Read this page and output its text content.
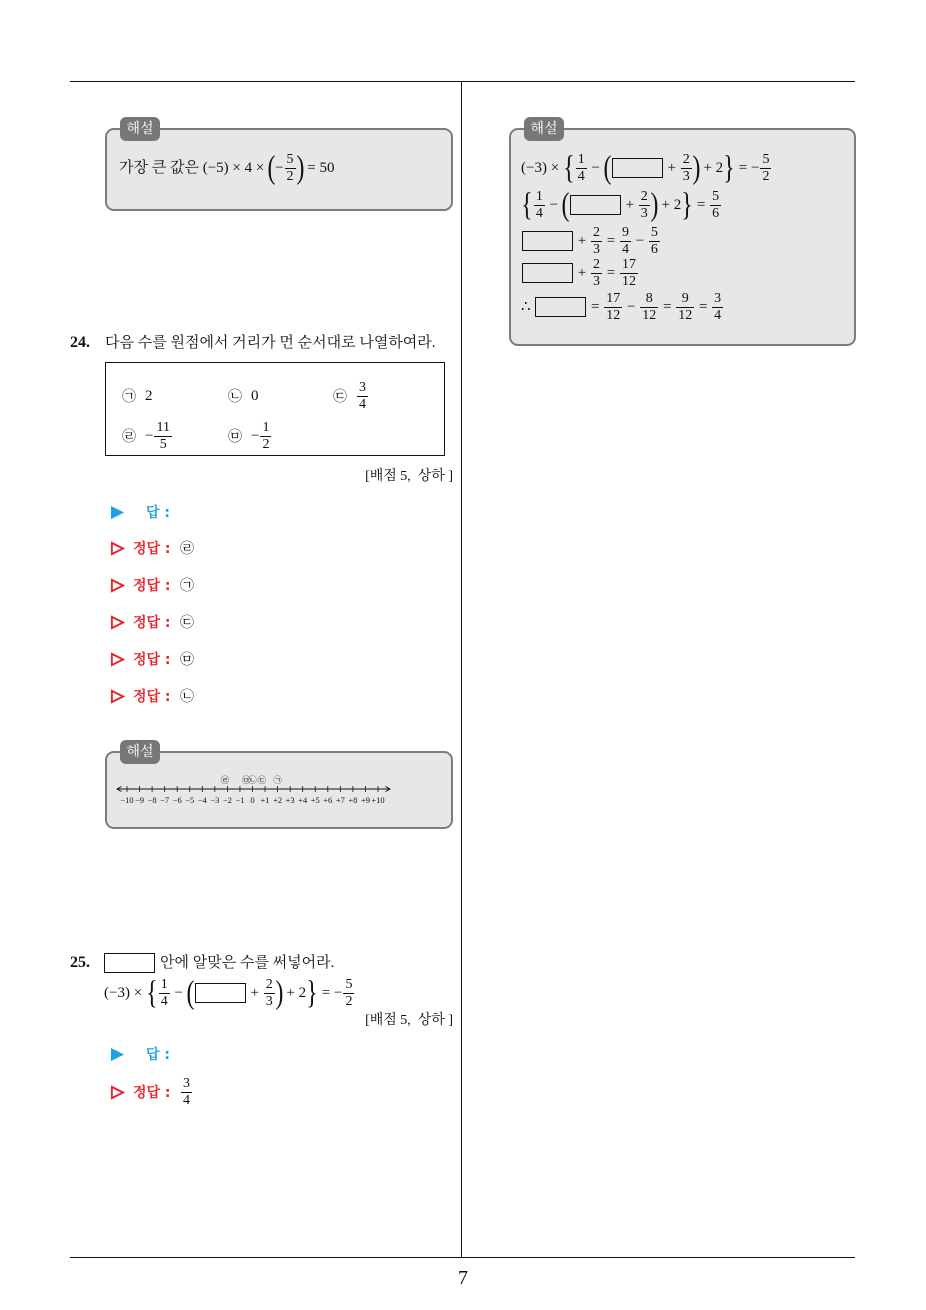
7
해설
가장 큰 값은 (−5) × 4 × ( − $\frac{5}{2}$ ) = 50
24. 다음 수를 원점에서 거리가 먼 순서대로 나열하여라.
㉠ 2	㉡ 0	㉢ $\frac{3}{4}$
㉣ − $\frac{11}{5}$	㉤ − $\frac{1}{2}$
[배점 5,  상하 ]
답 :
정답 : ㉣
정답 : ㉠
정답 : ㉢
정답 : ㉤
정답 : ㉡
해설
−10 −9 −8 −7 −6 −5 −4 −3 −2 −1 0 +1 +2 +3 +4 +5 +6 +7 +8 +9 +10
㉣ ㉤
㉡ ㉢ ㉠
25.	안에 알맞은 수를 써넣어라.
(−3) × { $\frac{1}{4}$ − (	+ $\frac{2}{3}$ ) + 2 } = − $\frac{5}{2}$
[배점 5,  상하 ]
답 :
정답 : $\frac{3}{4}$
해설
(−3) × { $\frac{1}{4}$ − (	+ $\frac{2}{3}$ ) + 2 } = − $\frac{5}{2}$
{ $\frac{1}{4}$ − (	+ $\frac{2}{3}$ ) + 2 } = $\frac{5}{6}$
+ $\frac{2}{3} = \frac{9}{4} - \frac{5}{6}$
+ $\frac{2}{3} = \frac{17}{12}$
∴	= $\frac{17}{12} - \frac{8}{12} = \frac{9}{12} = \frac{3}{4}$
